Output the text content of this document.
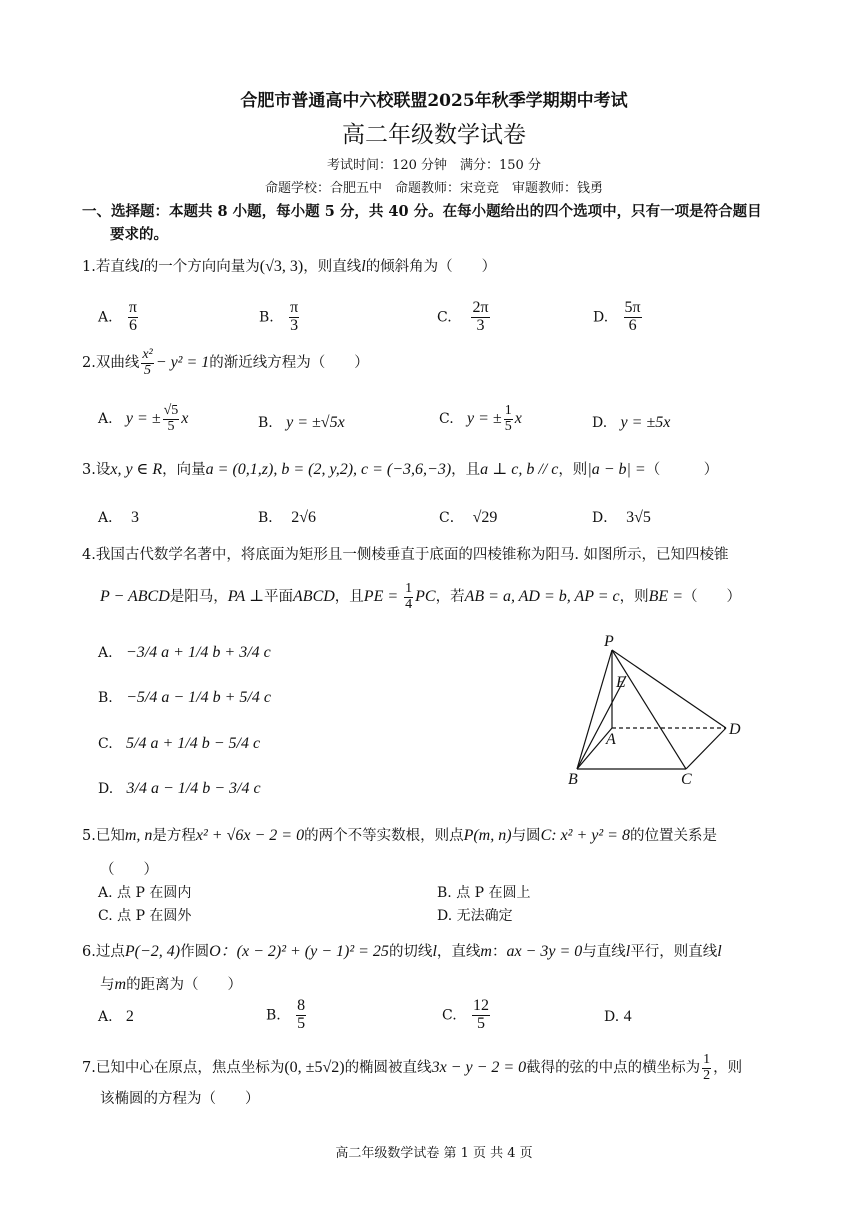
合肥市普通高中六校联盟2025年秋季学期期中考试
高二年级数学试卷
考试时间：120 分钟　满分：150 分
命题学校：合肥五中　命题教师：宋竞竞　审题教师：钱勇
一、选择题：本题共 8 小题，每小题 5 分，共 40 分。在每小题给出的四个选项中，只有一项是符合题目
要求的。
1.若直线l的一个方向向量为(√3, 3)，则直线l的倾斜角为（　　）
A. $\frac{\pi}{6}$	B. $\frac{\pi}{3}$	C. $\frac{2\pi}{3}$	D. $\frac{5\pi}{6}$
2.双曲线 $\frac{\text{x²}}{5} - y^2 = 1$的渐近线方程为（　　）
A. y = ± $\frac{√5}{5}$ x	B. y = ±√5x	C. y = ± $\frac{1}{5}$ x	D. y = ±5x
3.设x, y ∈ R，向量a = (0,1,z), b = (2, y,2), c = (−3,6,−3)，且a ⊥ c, b // c，则|a − b| =（　　　）
A． 3	B． 2√6	C． √29	D． 3√5
4.我国古代数学名著中，将底面为矩形且一侧棱垂直于底面的四棱锥称为阳马. 如图所示，已知四棱锥
P − ABCD是阳马，PA ⊥平面ABCD，且PE = $\frac{1}{4}$ PC，若AB = a, AD = b, AP = c，则BE =（　　）
A. −3/4 a + 1/4 b + 3/4 c
B. −5/4 a − 1/4 b + 5/4 c
C. 5/4 a + 1/4 b − 5/4 c
D. 3/4 a − 1/4 b − 3/4 c
P
E
A
D
B	C
5.已知m, n是方程x² + √6x − 2 = 0的两个不等实数根，则点P(m, n)与圆C: x² + y² = 8的位置关系是
（　　）
A. 点 P 在圆内	B. 点 P 在圆上
C. 点 P 在圆外	D. 无法确定
6.过点P(−2, 4)作圆O：(x − 2)² + (y − 1)² = 25的切线l，直线m：ax − 3y = 0与直线l平行，则直线l
与m的距离为（　　）
A. 2	B. $\frac{8}{5}$	C. $\frac{12}{5}$	D. 4
7.已知中心在原点，焦点坐标为(0, ±5√2)的椭圆被直线3x − y − 2 = 0截得的弦的中点的横坐标为 $\frac{1}{2}$ ，则
该椭圆的方程为（　　）
高二年级数学试卷 第 1 页 共 4 页
